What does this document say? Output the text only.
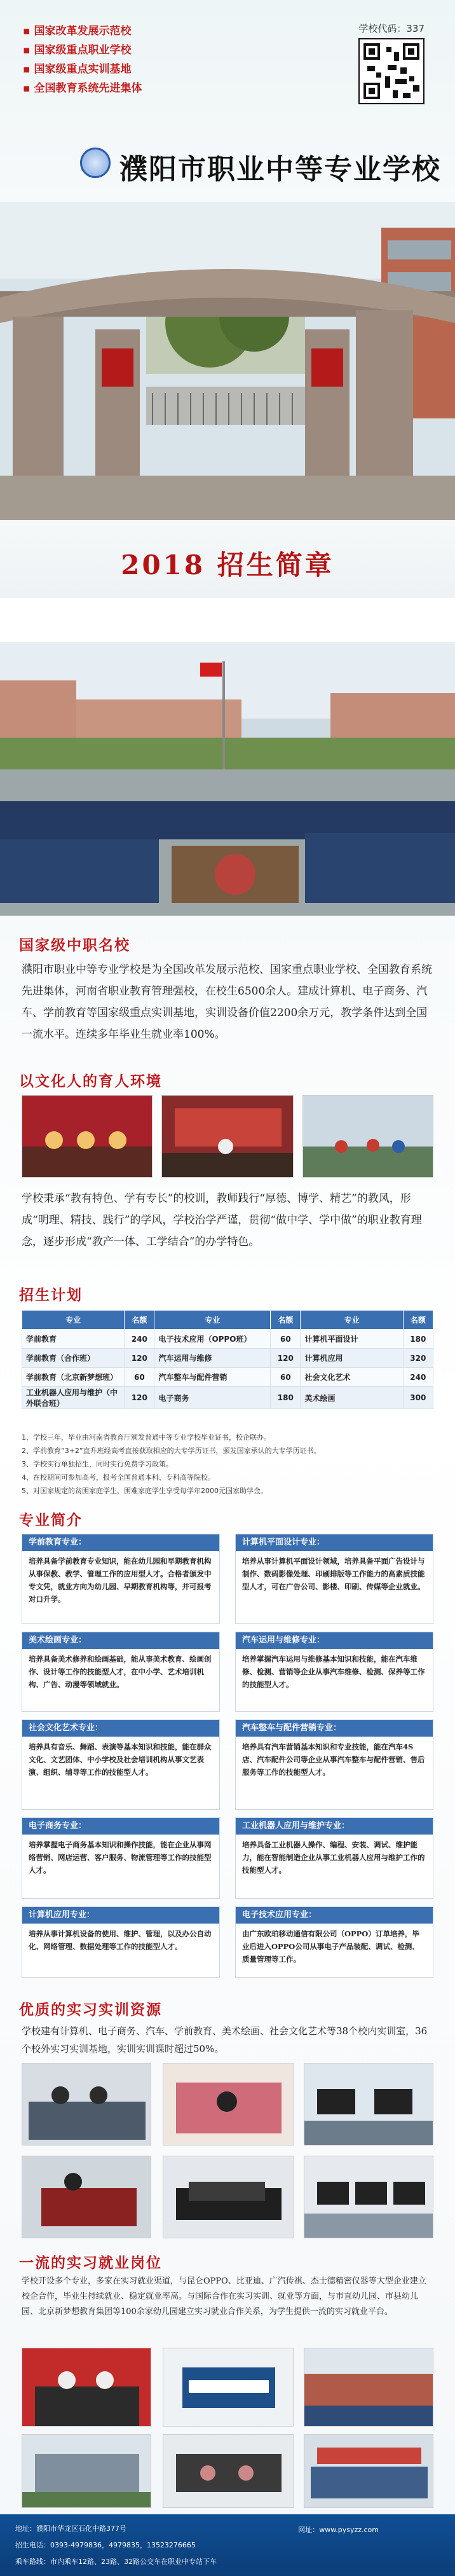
▪ 国家改革发展示范校
▪ 国家级重点职业学校
▪ 国家级重点实训基地
▪ 全国教育系统先进集体
学校代码：337
濮阳市职业中等专业学校
2018 招生简章
国家级中职名校
濮阳市职业中等专业学校是为全国改革发展示范校、国家重点职业学校、全国教育系统先进集体，河南省职业教育管理强校，在校生6500余人。建成计算机、电子商务、汽车、学前教育等国家级重点实训基地，实训设备价值2200余万元，教学条件达到全国一流水平。连续多年毕业生就业率100%。
以文化人的育人环境
学校秉承“教有特色、学有专长”的校训，教师践行“厚德、博学、精艺”的教风，形成“明理、精技、践行”的学风，学校治学严谨，贯彻“做中学、学中做”的职业教育理念，逐步形成“教产一体、工学结合”的办学特色。
招生计划
专业	名额	专业	名额	专业	名额
学前教育	240	电子技术应用（OPPO班）	60	计算机平面设计	180
学前教育（合作班）	120	汽车运用与维修	120	计算机应用	320
学前教育（北京新梦想班）	60	汽车整车与配件营销	60	社会文化艺术	240
工业机器人应用与维护（中外联合班）	120	电子商务	180	美术绘画	300
1、学校三年，毕业由河南省教育厅颁发普通中等专业学校毕业证书，校企联办。
2、学前教育“3+2”直升班经高考直接获取相应的大专学历证书，颁发国家承认的大专学历证书。
3、学校实行单独招生，同时实行免费学习政策。
4、在校期间可参加高考，报考全国普通本科、专科高等院校。
5、对国家规定的贫困家庭学生，困难家庭学生享受每学年2000元国家助学金。
专业简介
学前教育专业：
培养具备学前教育专业知识，能在幼儿园和早期教育机构从事保教、教学、管理工作的应用型人才。合格者颁发中专文凭，就业方向为幼儿园、早期教育机构等，并可报考对口升学。
计算机平面设计专业：
培养从事计算机平面设计领域，培养具备平面广告设计与制作、数码影像处理、印刷排版等工作能力的高素质技能型人才，可在广告公司、影楼、印刷、传媒等企业就业。
美术绘画专业：
培养具备美术修养和绘画基础，能从事美术教育、绘画创作、设计等工作的技能型人才，在中小学、艺术培训机构、广告、动漫等领域就业。
汽车运用与维修专业：
培养掌握汽车运用与维修基本知识和技能，能在汽车维修、检测、营销等企业从事汽车维修、检测、保养等工作的技能型人才。
社会文化艺术专业：
培养具有音乐、舞蹈、表演等基本知识和技能，能在群众文化、文艺团体、中小学校及社会培训机构从事文艺表演、组织、辅导等工作的技能型人才。
汽车整车与配件营销专业：
培养具有汽车营销基本知识和专业技能，能在汽车4S店、汽车配件公司等企业从事汽车整车与配件营销、售后服务等工作的技能型人才。
电子商务专业：
培养掌握电子商务基本知识和操作技能，能在企业从事网络营销、网店运营、客户服务、物流管理等工作的技能型人才。
工业机器人应用与维护专业：
培养具备工业机器人操作、编程、安装、调试、维护能力，能在智能制造企业从事工业机器人应用与维护工作的技能型人才。
计算机应用专业：
培养从事计算机设备的使用、维护、管理，以及办公自动化、网络管理、数据处理等工作的技能型人才。
电子技术应用专业：
由广东欧珀移动通信有限公司（OPPO）订单培养，毕业后进入OPPO公司从事电子产品装配、调试、检测、质量管理等工作。
优质的实习实训资源
学校建有计算机、电子商务、汽车、学前教育、美术绘画、社会文化艺术等38个校内实训室，36个校外实习实训基地，实训实训课时超过50%。
一流的实习就业岗位
学校开设多个专业，多家在实习就业渠道，与昆仑OPPO、比亚迪、广汽传祺、杰士德精密仪器等大型企业建立校企合作，毕业生持续就业、稳定就业率高。与国际合作在实习实训、就业等方面，与市直幼儿园、市县幼儿园、北京新梦想教育集团等100余家幼儿园建立实习就业合作关系，为学生提供一流的实习就业平台。
地址：濮阳市华龙区石化中路377号	网址：www.pysyzz.com
招生电话：0393-4979836，4979835，13523276665
乘车路线：市内乘车12路、23路、32路公交车在职业中专站下车
